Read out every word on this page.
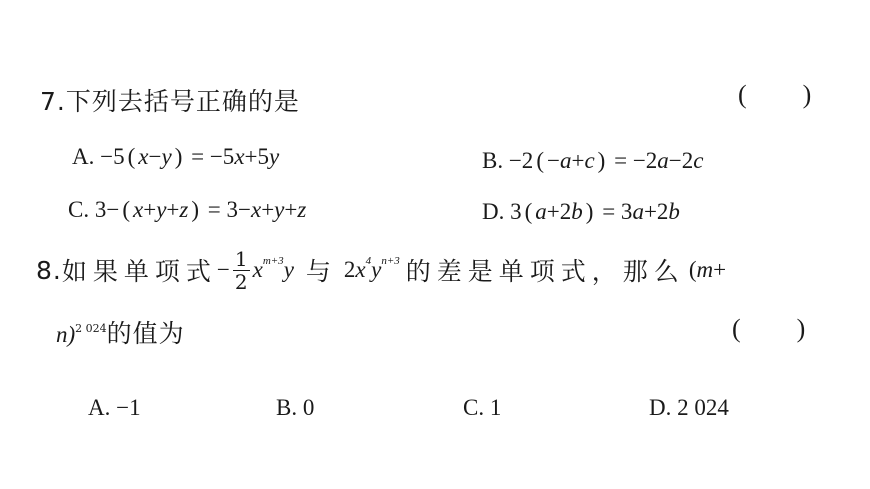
7.下列去括号正确的是	( )
A. −5 ( x−y ) = −5x+5y	B. −2 ( −a+c ) = −2a−2c
C. 3− ( x+y+z ) = 3−x+y+z	D. 3 ( a+2b ) = 3a+2b
8. 如果单项式 − $\frac{1}{2} x^{m+3}y$ 与 $2x^4y^{n+3}$ 的差是单项式，那么 (m+
n)$^{2 024}$的值为	( )
A. −1	B. 0	C. 1	D. 2 024
